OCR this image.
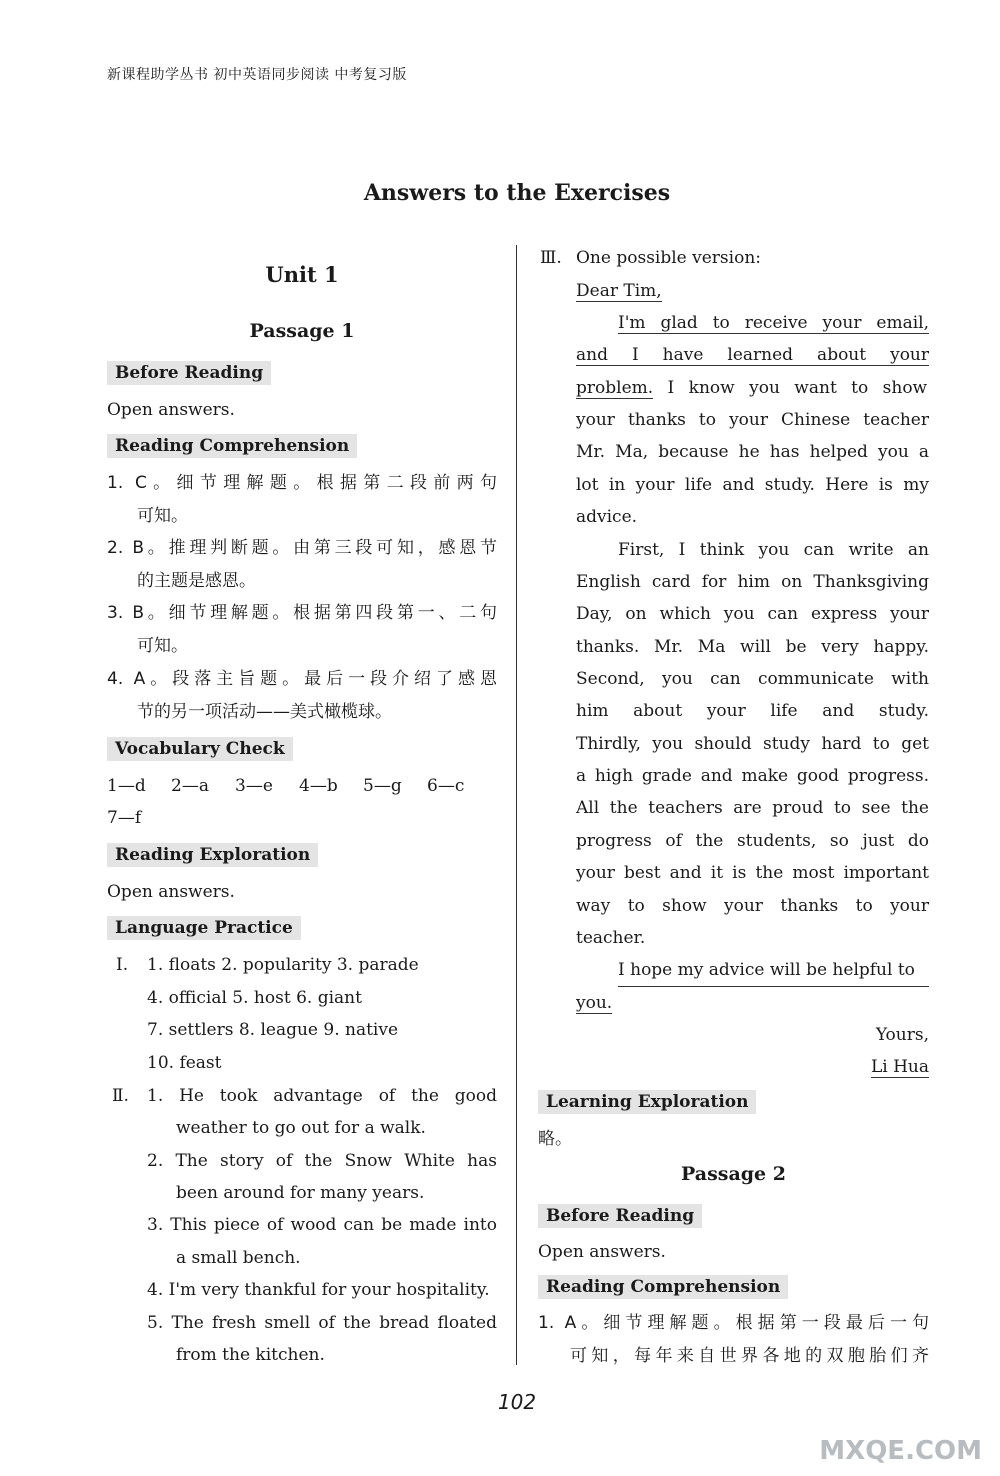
新课程助学丛书 初中英语同步阅读 中考复习版
Answers to the Exercises
Unit 1
Passage 1
Before Reading
Open answers.
Reading Comprehension
1. C。细节理解题。根据第二段前两句
可知。
2. B。推理判断题。由第三段可知，感恩节
的主题是感恩。
3. B。细节理解题。根据第四段第一、二句
可知。
4. A。段落主旨题。最后一段介绍了感恩
节的另一项活动——美式橄榄球。
Vocabulary Check
1—d 2—a 3—e 4—b 5—g 6—c
7—f
Reading Exploration
Open answers.
Language Practice
Ⅰ. 1. floats 2. popularity 3. parade
4. official 5. host 6. giant
7. settlers 8. league 9. native
10. feast
Ⅱ. 1. He took advantage of the good
weather to go out for a walk.
2. The story of the Snow White has
been around for many years.
3. This piece of wood can be made into
a small bench.
4. I'm very thankful for your hospitality.
5. The fresh smell of the bread floated
from the kitchen.
Ⅲ. One possible version:
Dear Tim,
I'm glad to receive your email,
and I have learned about your
problem. I know you want to show
your thanks to your Chinese teacher
Mr. Ma, because he has helped you a
lot in your life and study. Here is my
advice.
First, I think you can write an
English card for him on Thanksgiving
Day, on which you can express your
thanks. Mr. Ma will be very happy.
Second, you can communicate with
him about your life and study.
Thirdly, you should study hard to get
a high grade and make good progress.
All the teachers are proud to see the
progress of the students, so just do
your best and it is the most important
way to show your thanks to your
teacher.
I hope my advice will be helpful to
you.
Yours,
Li Hua
Learning Exploration
略。
Passage 2
Before Reading
Open answers.
Reading Comprehension
1. A。细节理解题。根据第一段最后一句
可知，每年来自世界各地的双胞胎们齐
102
MXQE.COM
